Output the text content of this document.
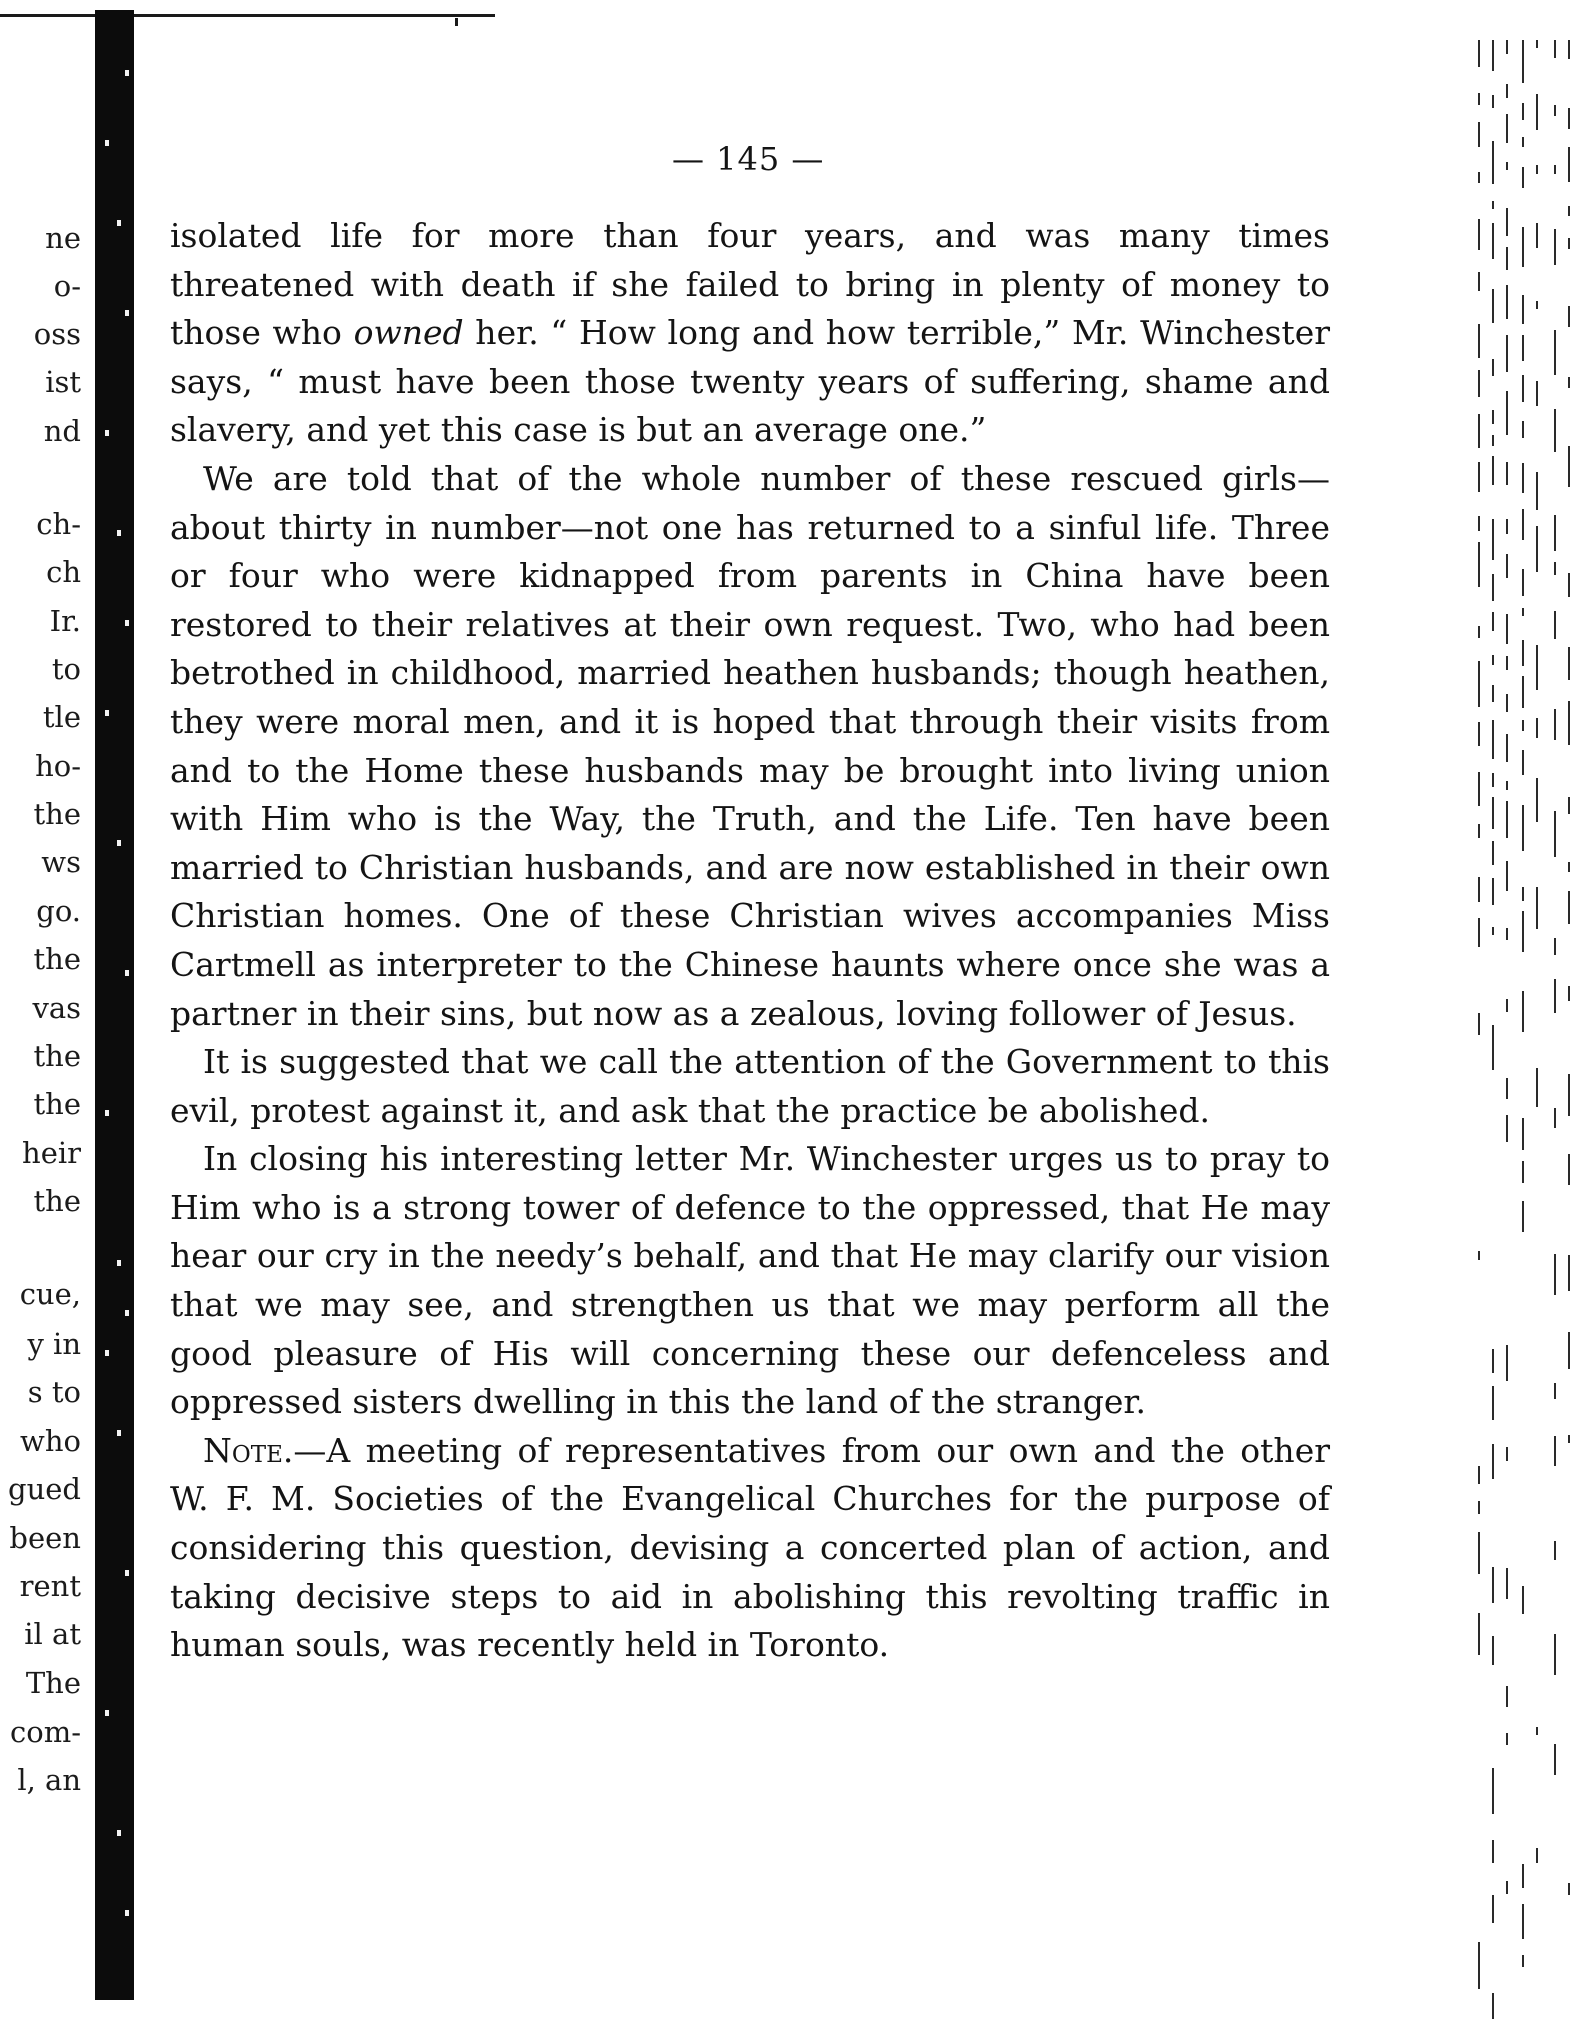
ne
o-
oss
ist
nd
ch-
ch
Ir.
to
tle
ho-
the
ws
go.
the
vas
the
the
heir
the
cue,
y in
s to
who
gued
been
rent
il at
The
com-
l, an
— 145 —

isolated life for more than four years, and was many times threatened with death if she failed to bring in plenty of money to those who owned her. “ How long and how terrible,” Mr. Winchester says, “ must have been those twenty years of suffering, shame and slavery, and yet this case is but an average one.”

We are told that of the whole number of these rescued girls—about thirty in number—not one has returned to a sinful life. Three or four who were kidnapped from parents in China have been restored to their relatives at their own request. Two, who had been betrothed in childhood, married heathen husbands; though heathen, they were moral men, and it is hoped that through their visits from and to the Home these husbands may be brought into living union with Him who is the Way, the Truth, and the Life. Ten have been married to Christian husbands, and are now established in their own Christian homes. One of these Christian wives accompanies Miss Cartmell as interpreter to the Chinese haunts where once she was a partner in their sins, but now as a zealous, loving follower of Jesus.

It is suggested that we call the attention of the Government to this evil, protest against it, and ask that the practice be abolished.

In closing his interesting letter Mr. Winchester urges us to pray to Him who is a strong tower of defence to the oppressed, that He may hear our cry in the needy’s behalf, and that He may clarify our vision that we may see, and strengthen us that we may perform all the good pleasure of His will concerning these our defenceless and oppressed sisters dwelling in this the land of the stranger.

Note.—A meeting of representatives from our own and the other W. F. M. Societies of the Evangelical Churches for the purpose of considering this question, devising a concerted plan of action, and taking decisive steps to aid in abolishing this revolting traffic in human souls, was recently held in Toronto.
